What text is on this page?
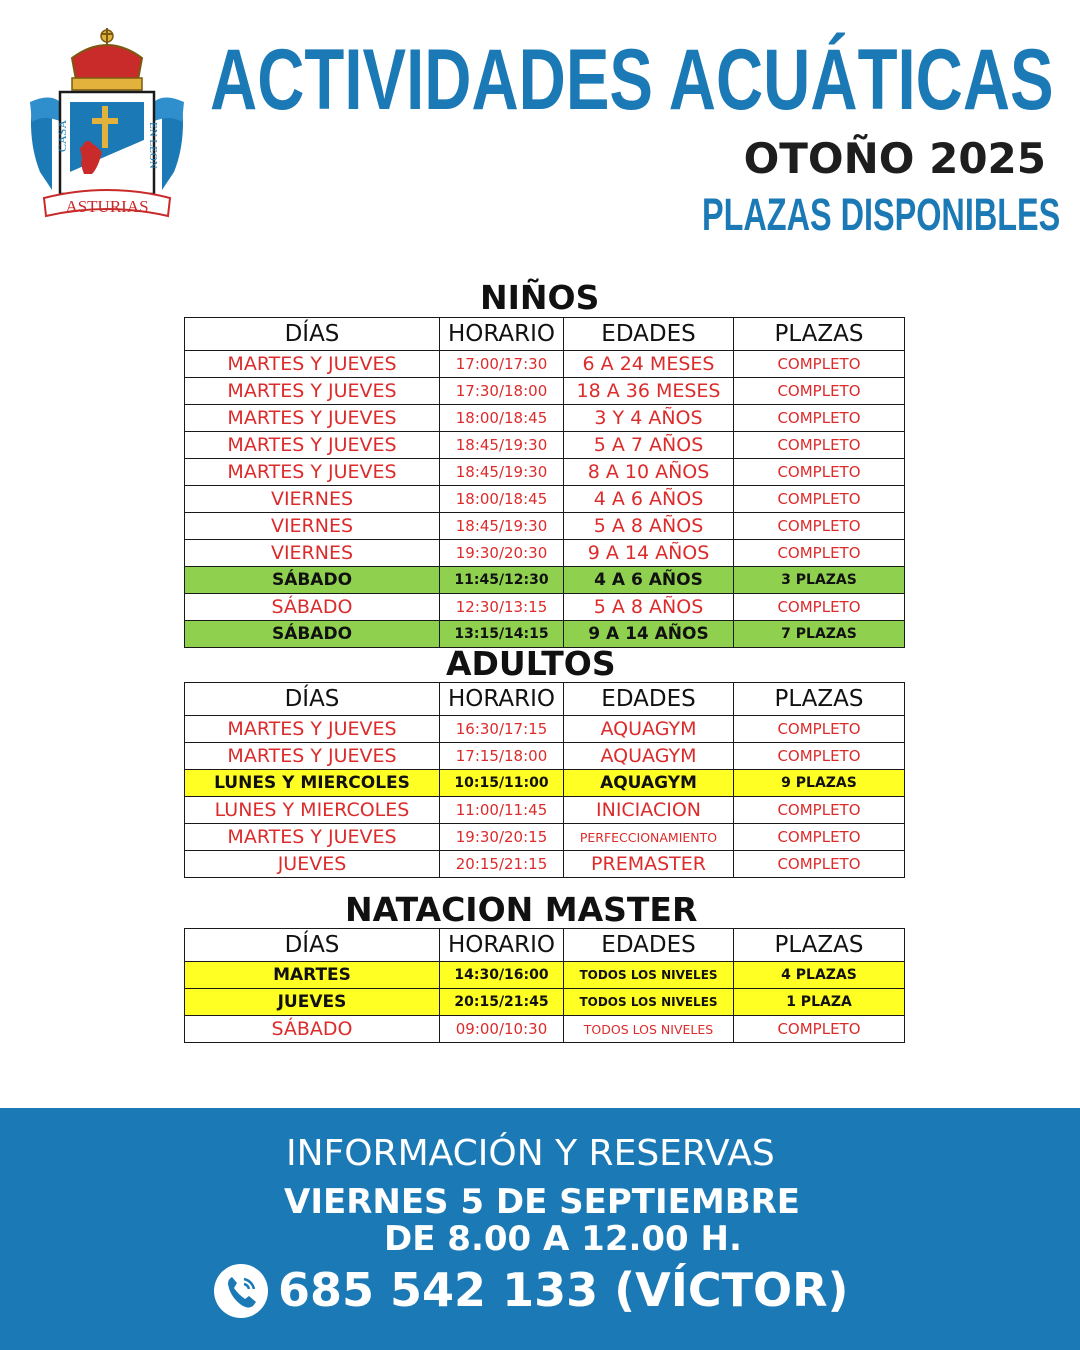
ASTURIAS
CASA	EN LEON
ACTIVIDADES ACUÁTICAS
OTOÑO 2025
PLAZAS DISPONIBLES
NIÑOS
DÍAS	HORARIO	EDADES	PLAZAS
MARTES Y JUEVES	17:00/17:30	6 A 24 MESES	COMPLETO
MARTES Y JUEVES	17:30/18:00	18 A 36 MESES	COMPLETO
MARTES Y JUEVES	18:00/18:45	3 Y 4 AÑOS	COMPLETO
MARTES Y JUEVES	18:45/19:30	5 A 7 AÑOS	COMPLETO
MARTES Y JUEVES	18:45/19:30	8 A 10 AÑOS	COMPLETO
VIERNES	18:00/18:45	4 A 6 AÑOS	COMPLETO
VIERNES	18:45/19:30	5 A 8 AÑOS	COMPLETO
VIERNES	19:30/20:30	9 A 14 AÑOS	COMPLETO
SÁBADO	11:45/12:30	4 A 6 AÑOS	3 PLAZAS
SÁBADO	12:30/13:15	5 A 8 AÑOS	COMPLETO
SÁBADO	13:15/14:15	9 A 14 AÑOS	7 PLAZAS
ADULTOS
DÍAS	HORARIO	EDADES	PLAZAS
MARTES Y JUEVES	16:30/17:15	AQUAGYM	COMPLETO
MARTES Y JUEVES	17:15/18:00	AQUAGYM	COMPLETO
LUNES Y MIERCOLES	10:15/11:00	AQUAGYM	9 PLAZAS
LUNES Y MIERCOLES	11:00/11:45	INICIACION	COMPLETO
MARTES Y JUEVES	19:30/20:15	PERFECCIONAMIENTO	COMPLETO
JUEVES	20:15/21:15	PREMASTER	COMPLETO
NATACION MASTER
DÍAS	HORARIO	EDADES	PLAZAS
MARTES	14:30/16:00	TODOS LOS NIVELES	4 PLAZAS
JUEVES	20:15/21:45	TODOS LOS NIVELES	1 PLAZA
SÁBADO	09:00/10:30	TODOS LOS NIVELES	COMPLETO
INFORMACIÓN Y RESERVAS
VIERNES 5 DE SEPTIEMBRE
DE 8.00 A 12.00 H.
685 542 133 (VÍCTOR)
